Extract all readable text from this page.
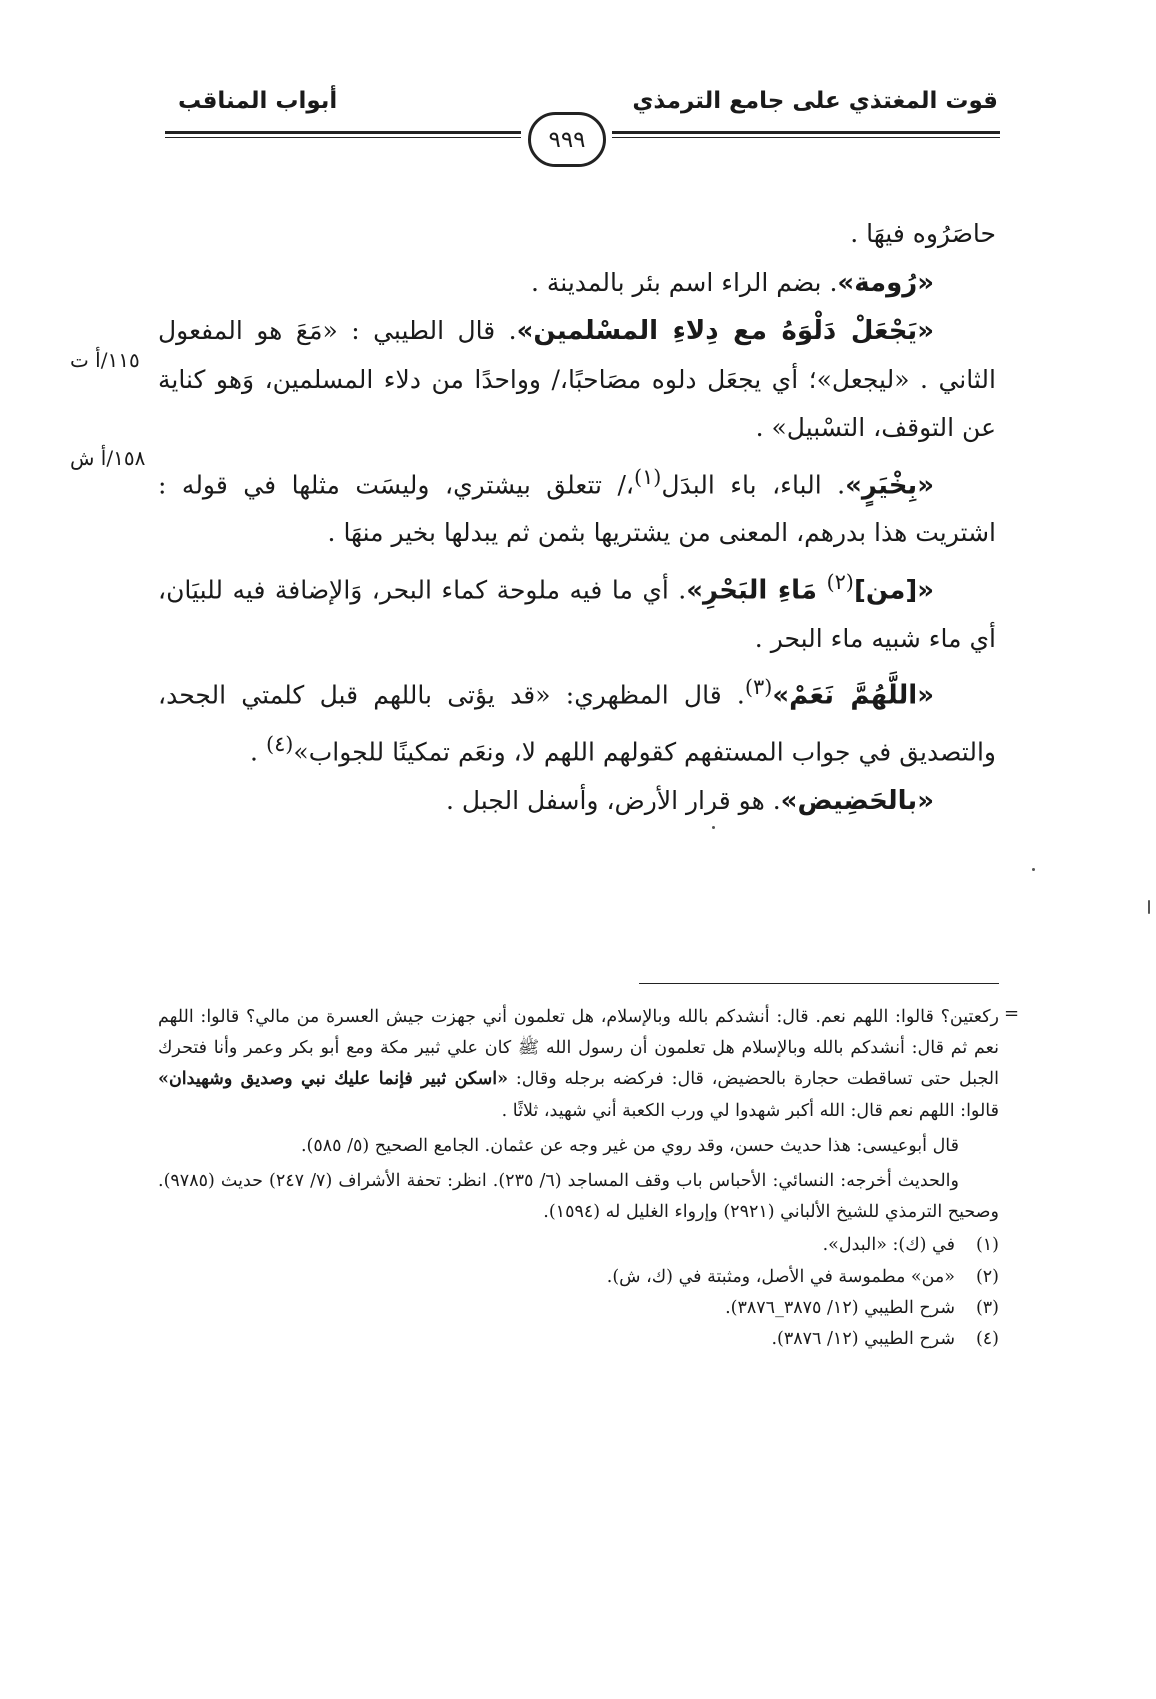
قوت المغتذي على جامع الترمذي
أبواب المناقب
٩٩٩

حاصَرُوه فيهَا .

«رُومة». بضم الراء اسم بئر بالمدينة .

«يَجْعَلْ دَلْوَهُ مع دِلاءِ المسْلمين». قال الطيبي : «مَعَ هو المفعول الثاني . «ليجعل»؛ أي يجعَل دلوه مصَاحبًا،/ وواحدًا من دلاء المسلمين، وَهو كناية عن التوقف، التسْبيل» .

«بِخْيَرٍ». الباء، باء البدَل$^{(١)}$،/ تتعلق بيشتري، وليسَت مثلها في قوله : اشتريت هذا بدرهم، المعنى من يشتريها بثمن ثم يبدلها بخير منهَا .

«[من]$^{(٢)}$ مَاءِ البَحْرِ». أي ما فيه ملوحة كماء البحر، وَالإضافة فيه للبيَان، أي ماء شبيه ماء البحر .

«اللَّهُمَّ نَعَمْ»$^{(٣)}$. قال المظهري: «قد يؤتى باللهم قبل كلمتي الجحد، والتصديق في جواب المستفهم كقولهم اللهم لا، ونعَم تمكينًا للجواب»$^{(٤)}$ .

«بالحَضِيض». هو قرار الأرض، وأسفل الجبل .

١١٥/أ ت
١٥٨/أ ش
=

ركعتين؟ قالوا: اللهم نعم. قال: أنشدكم بالله وبالإسلام، هل تعلمون أني جهزت جيش العسرة من مالي؟ قالوا: اللهم نعم ثم قال: أنشدكم بالله وبالإسلام هل تعلمون أن رسول الله ﷺ كان علي ثبير مكة ومع أبو بكر وعمر وأنا فتحرك الجبل حتى تساقطت حجارة بالحضيض، قال: فركضه برجله وقال: «اسكن ثبير فإنما عليك نبي وصديق وشهيدان» قالوا: اللهم نعم قال: الله أكبر شهدوا لي ورب الكعبة أني شهيد، ثلاثًا .

قال أبوعيسى: هذا حديث حسن، وقد روي من غير وجه عن عثمان. الجامع الصحيح (٥/ ٥٨٥).

والحديث أخرجه: النسائي: الأحباس باب وقف المساجد (٦/ ٢٣٥). انظر: تحفة الأشراف (٧/ ٢٤٧) حديث (٩٧٨٥). وصحيح الترمذي للشيخ الألباني (٢٩٢١) وإرواء الغليل له (١٥٩٤).

(١)في (ك): «البدل».

(٢)«من» مطموسة في الأصل، ومثبتة في (ك، ش).

(٣)شرح الطيبي (١٢/ ٣٨٧٥_٣٨٧٦).

(٤)شرح الطيبي (١٢/ ٣٨٧٦).
